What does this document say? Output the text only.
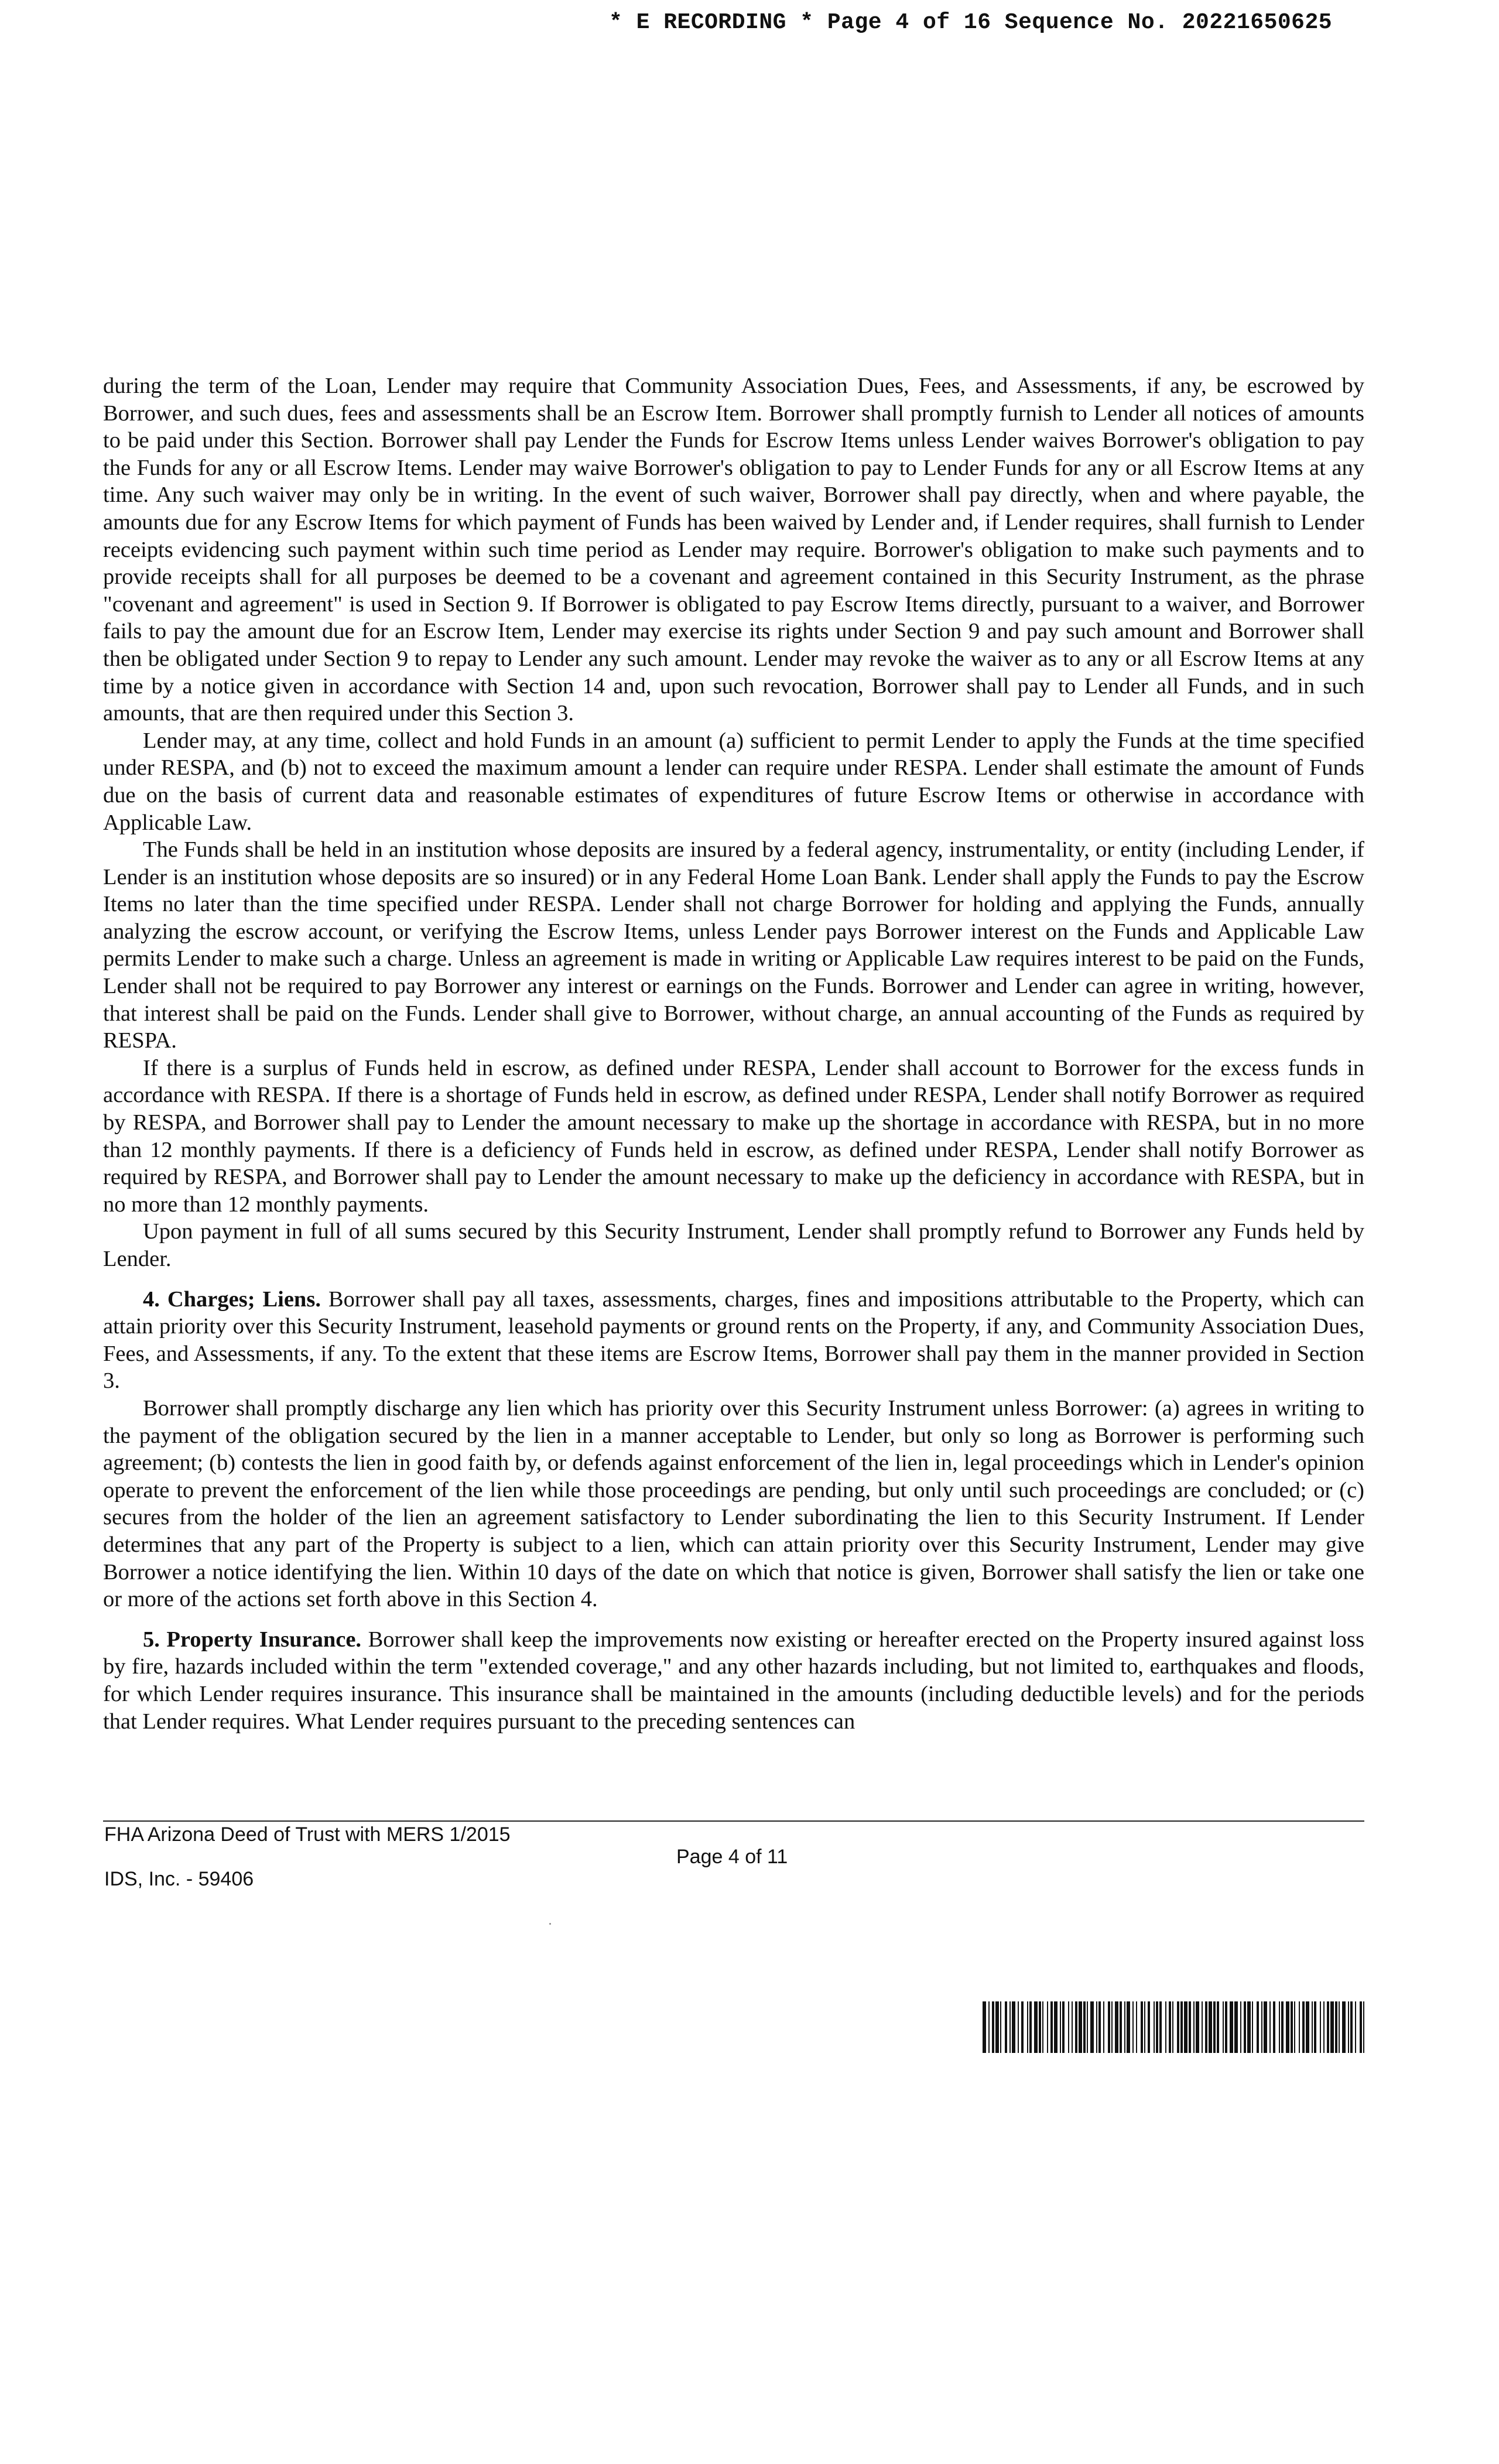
* E RECORDING * Page 4 of 16 Sequence No. 20221650625

during the term of the Loan, Lender may require that Community Association Dues, Fees, and Assessments, if any, be escrowed by Borrower, and such dues, fees and assessments shall be an Escrow Item. Borrower shall promptly furnish to Lender all notices of amounts to be paid under this Section. Borrower shall pay Lender the Funds for Escrow Items unless Lender waives Borrower's obligation to pay the Funds for any or all Escrow Items. Lender may waive Borrower's obligation to pay to Lender Funds for any or all Escrow Items at any time. Any such waiver may only be in writing. In the event of such waiver, Borrower shall pay directly, when and where payable, the amounts due for any Escrow Items for which payment of Funds has been waived by Lender and, if Lender requires, shall furnish to Lender receipts evidencing such payment within such time period as Lender may require. Borrower's obligation to make such payments and to provide receipts shall for all purposes be deemed to be a covenant and agreement contained in this Security Instrument, as the phrase "covenant and agreement" is used in Section 9. If Borrower is obligated to pay Escrow Items directly, pursuant to a waiver, and Borrower fails to pay the amount due for an Escrow Item, Lender may exercise its rights under Section 9 and pay such amount and Borrower shall then be obligated under Section 9 to repay to Lender any such amount. Lender may revoke the waiver as to any or all Escrow Items at any time by a notice given in accordance with Section 14 and, upon such revocation, Borrower shall pay to Lender all Funds, and in such amounts, that are then required under this Section 3.

Lender may, at any time, collect and hold Funds in an amount (a) sufficient to permit Lender to apply the Funds at the time specified under RESPA, and (b) not to exceed the maximum amount a lender can require under RESPA. Lender shall estimate the amount of Funds due on the basis of current data and reasonable estimates of expenditures of future Escrow Items or otherwise in accordance with Applicable Law.

The Funds shall be held in an institution whose deposits are insured by a federal agency, instrumentality, or entity (including Lender, if Lender is an institution whose deposits are so insured) or in any Federal Home Loan Bank. Lender shall apply the Funds to pay the Escrow Items no later than the time specified under RESPA. Lender shall not charge Borrower for holding and applying the Funds, annually analyzing the escrow account, or verifying the Escrow Items, unless Lender pays Borrower interest on the Funds and Applicable Law permits Lender to make such a charge. Unless an agreement is made in writing or Applicable Law requires interest to be paid on the Funds, Lender shall not be required to pay Borrower any interest or earnings on the Funds. Borrower and Lender can agree in writing, however, that interest shall be paid on the Funds. Lender shall give to Borrower, without charge, an annual accounting of the Funds as required by RESPA.

If there is a surplus of Funds held in escrow, as defined under RESPA, Lender shall account to Borrower for the excess funds in accordance with RESPA. If there is a shortage of Funds held in escrow, as defined under RESPA, Lender shall notify Borrower as required by RESPA, and Borrower shall pay to Lender the amount necessary to make up the shortage in accordance with RESPA, but in no more than 12 monthly payments. If there is a deficiency of Funds held in escrow, as defined under RESPA, Lender shall notify Borrower as required by RESPA, and Borrower shall pay to Lender the amount necessary to make up the deficiency in accordance with RESPA, but in no more than 12 monthly payments.

Upon payment in full of all sums secured by this Security Instrument, Lender shall promptly refund to Borrower any Funds held by Lender.

4. Charges; Liens. Borrower shall pay all taxes, assessments, charges, fines and impositions attributable to the Property, which can attain priority over this Security Instrument, leasehold payments or ground rents on the Property, if any, and Community Association Dues, Fees, and Assessments, if any. To the extent that these items are Escrow Items, Borrower shall pay them in the manner provided in Section 3.

Borrower shall promptly discharge any lien which has priority over this Security Instrument unless Borrower: (a) agrees in writing to the payment of the obligation secured by the lien in a manner acceptable to Lender, but only so long as Borrower is performing such agreement; (b) contests the lien in good faith by, or defends against enforcement of the lien in, legal proceedings which in Lender's opinion operate to prevent the enforcement of the lien while those proceedings are pending, but only until such proceedings are concluded; or (c) secures from the holder of the lien an agreement satisfactory to Lender subordinating the lien to this Security Instrument. If Lender determines that any part of the Property is subject to a lien, which can attain priority over this Security Instrument, Lender may give Borrower a notice identifying the lien. Within 10 days of the date on which that notice is given, Borrower shall satisfy the lien or take one or more of the actions set forth above in this Section 4.

5. Property Insurance. Borrower shall keep the improvements now existing or hereafter erected on the Property insured against loss by fire, hazards included within the term "extended coverage," and any other hazards including, but not limited to, earthquakes and floods, for which Lender requires insurance. This insurance shall be maintained in the amounts (including deductible levels) and for the periods that Lender requires. What Lender requires pursuant to the preceding sentences can

FHA Arizona Deed of Trust with MERS 1/2015
Page 4 of 11
IDS, Inc. - 59406
